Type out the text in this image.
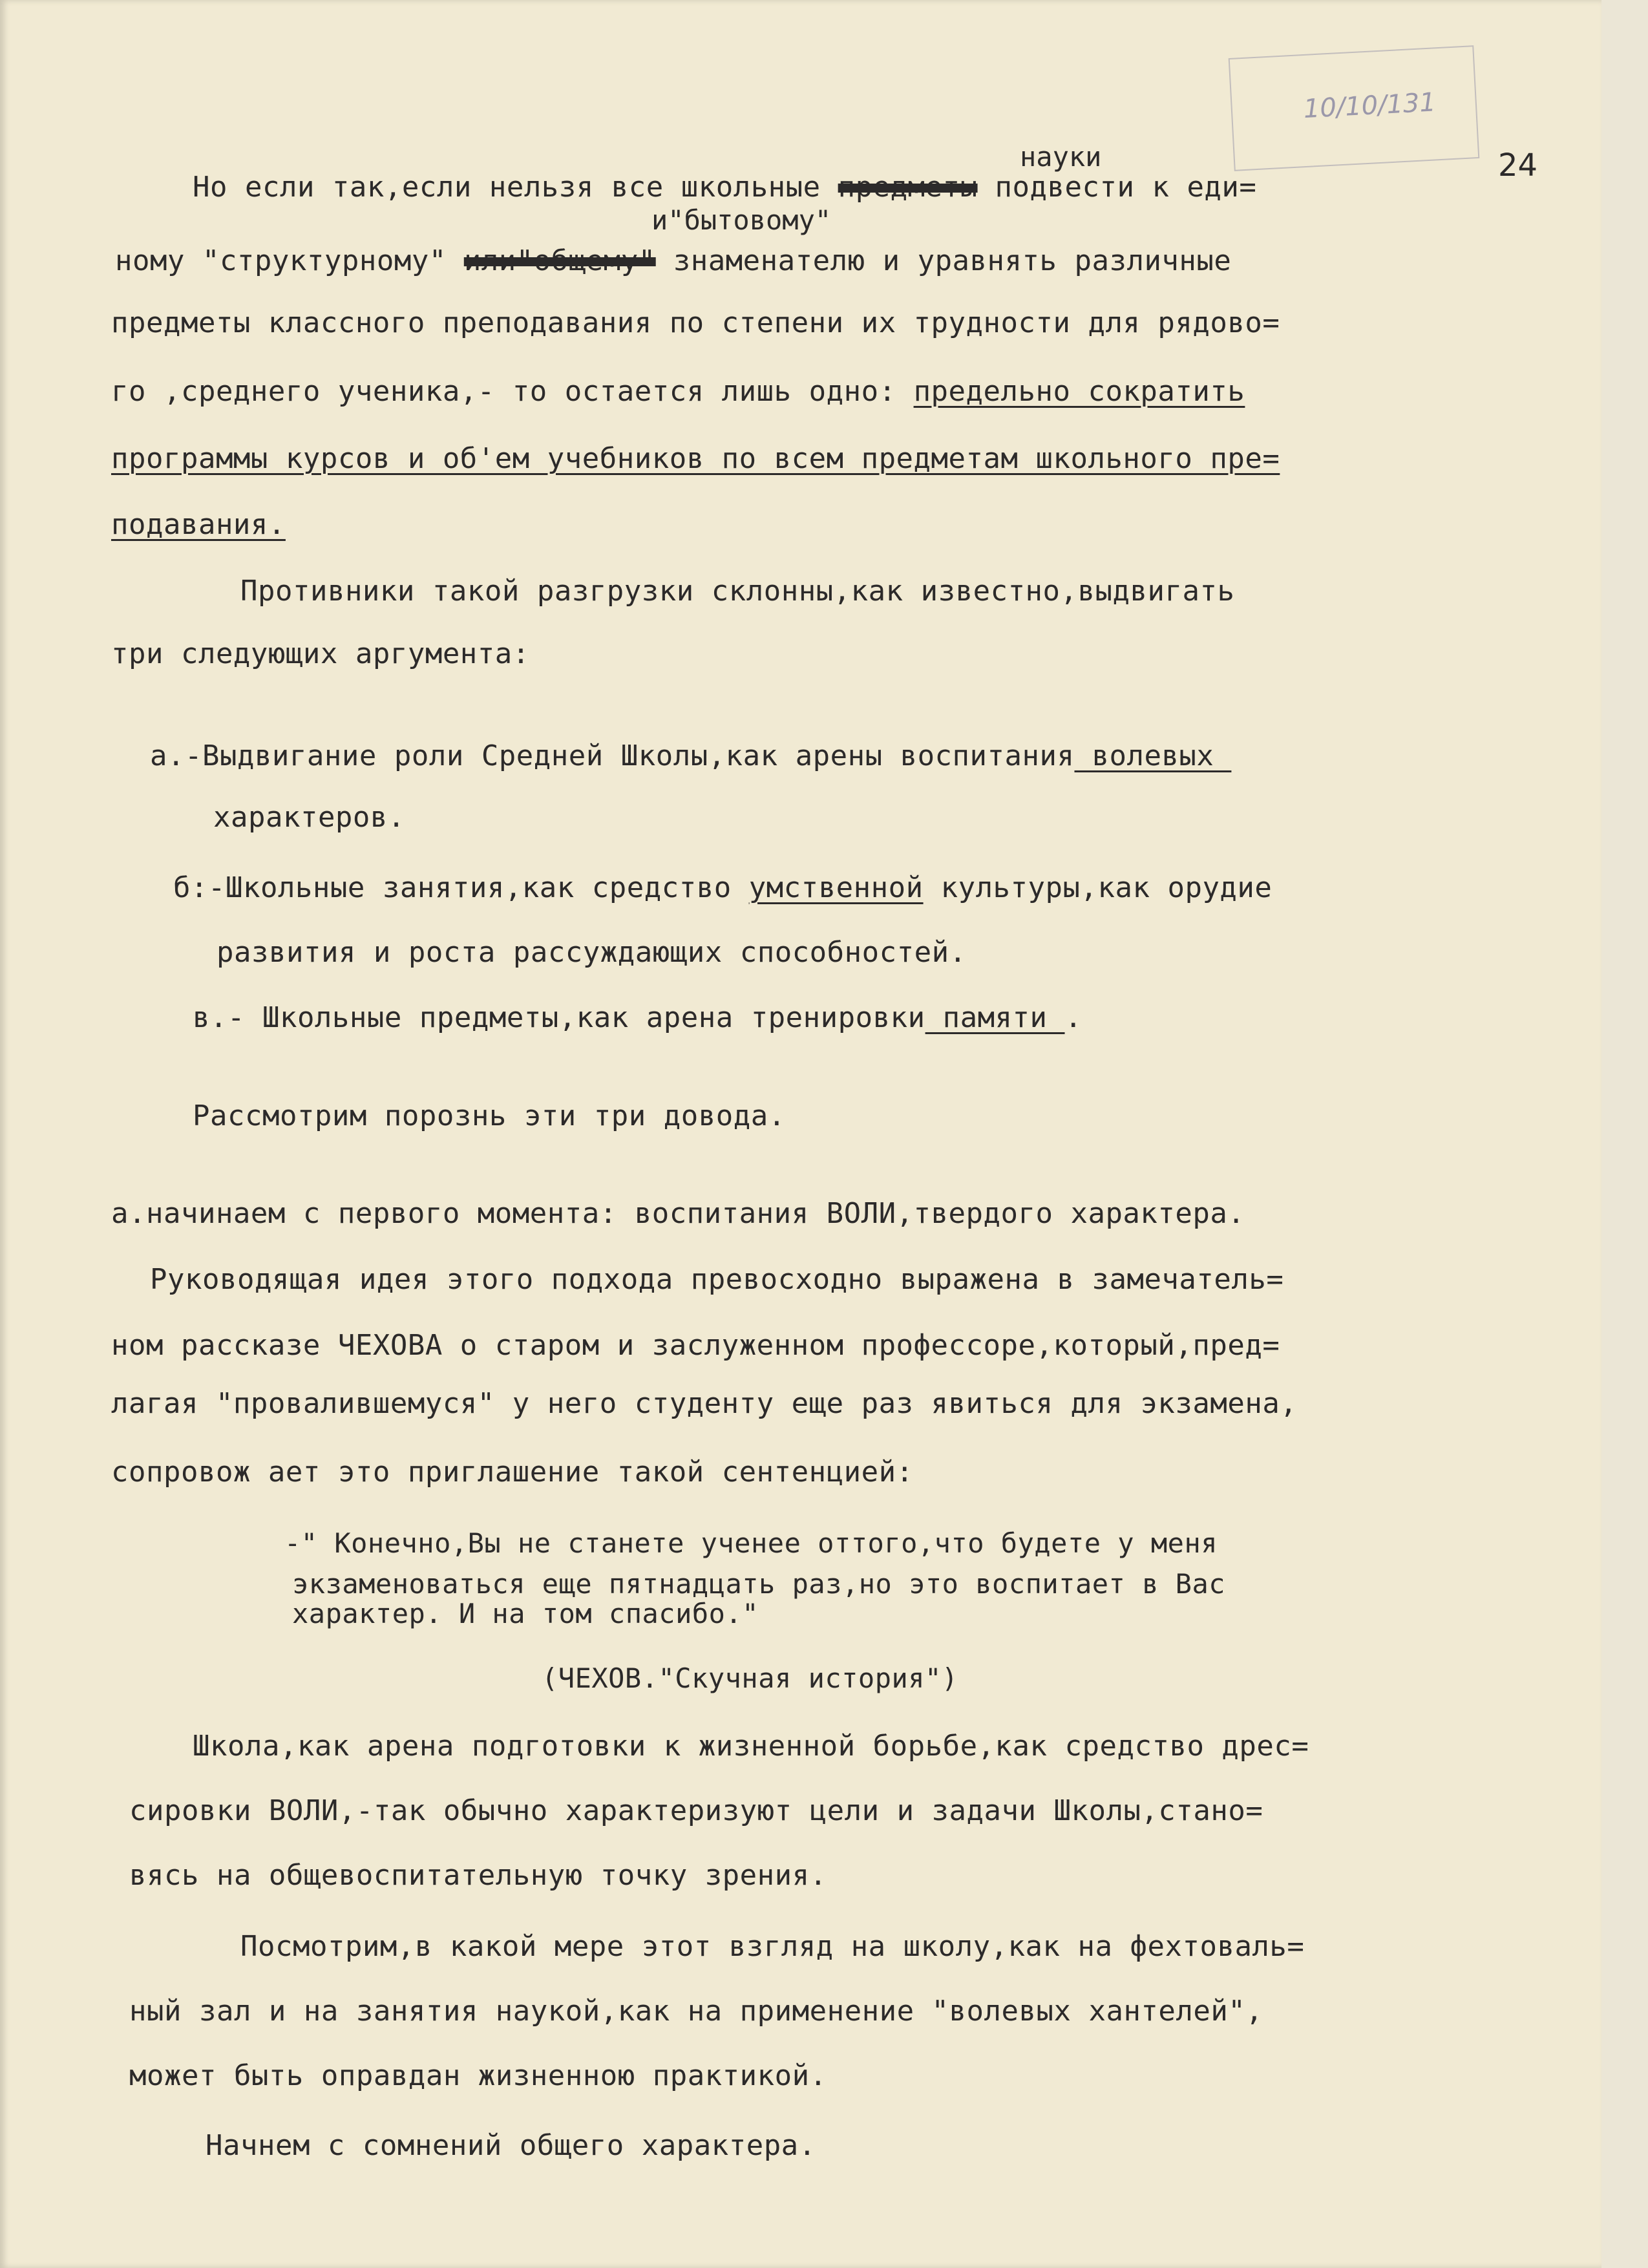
10/10/131
24
науки
Но если так,если нельзя все школьные предметы подвести к еди=
и"бытовому"
ному "структурному" или"общему" знаменателю и уравнять различные
предметы классного преподавания по степени их трудности для рядово=
го ,среднего ученика,- то остается лишь одно: предельно сократить
программы курсов и об'ем учебников по всем предметам школьного пре=
подавания.
Противники такой разгрузки склонны,как известно,выдвигать
три следующих аргумента:
а.-Выдвигание роли Средней Школы,как арены воспитания волевых
характеров.
б:-Школьные занятия,как средство умственной культуры,как орудие
развития и роста рассуждающих способностей.
в.- Школьные предметы,как арена тренировки памяти .
Рассмотрим порознь эти три довода.
а.начинаем с первого момента: воспитания ВОЛИ,твердого характера.
Руководящая идея этого подхода превосходно выражена в замечатель=
ном рассказе ЧЕХОВА о старом и заслуженном профессоре,который,пред=
лагая "провалившемуся" у него студенту еще раз явиться для экзамена,
сопровож ает это приглашение такой сентенцией:
-" Конечно,Вы не станете ученее оттого,что будете у меня
экзаменоваться еще пятнадцать раз,но это воспитает в Вас
характер. И на том спасибо."
(ЧЕХОВ."Скучная история")
Школа,как арена подготовки к жизненной борьбе,как средство дрес=
сировки ВОЛИ,-так обычно характеризуют цели и задачи Школы,стано=
вясь на общевоспитательную точку зрения.
Посмотрим,в какой мере этот взгляд на школу,как на фехтоваль=
ный зал и на занятия наукой,как на применение "волевых хантелей",
может быть оправдан жизненною практикой.
Начнем с сомнений общего характера.
